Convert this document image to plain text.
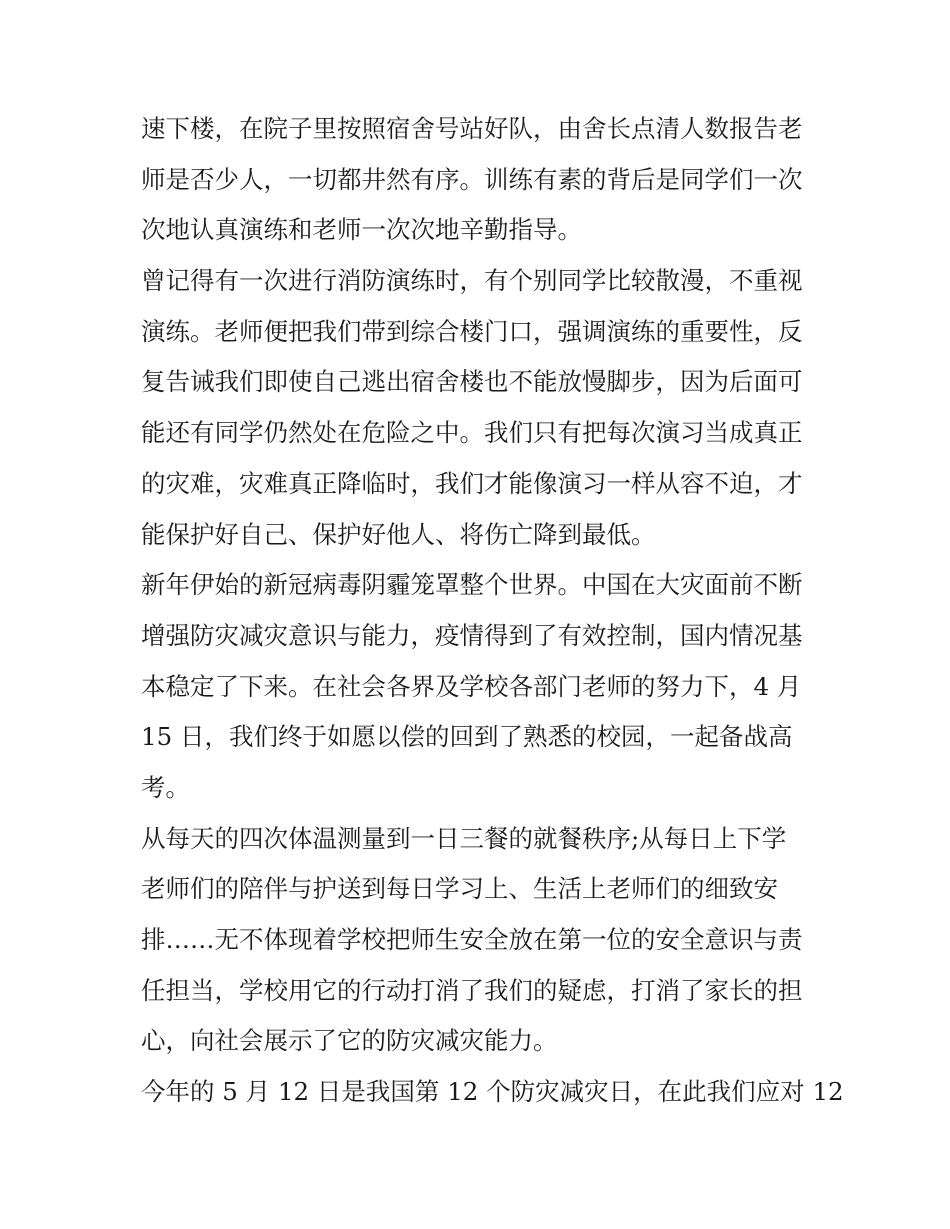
速下楼，在院子里按照宿舍号站好队，由舍长点清人数报告老
师是否少人，一切都井然有序。训练有素的背后是同学们一次
次地认真演练和老师一次次地辛勤指导。
曾记得有一次进行消防演练时，有个别同学比较散漫，不重视
演练。老师便把我们带到综合楼门口，强调演练的重要性，反
复告诫我们即使自己逃出宿舍楼也不能放慢脚步，因为后面可
能还有同学仍然处在危险之中。我们只有把每次演习当成真正
的灾难，灾难真正降临时，我们才能像演习一样从容不迫，才
能保护好自己、保护好他人、将伤亡降到最低。
新年伊始的新冠病毒阴霾笼罩整个世界。中国在大灾面前不断
增强防灾减灾意识与能力，疫情得到了有效控制，国内情况基
本稳定了下来。在社会各界及学校各部门老师的努力下，4 月
15 日，我们终于如愿以偿的回到了熟悉的校园，一起备战高
考。
从每天的四次体温测量到一日三餐的就餐秩序;从每日上下学
老师们的陪伴与护送到每日学习上、生活上老师们的细致安
排……无不体现着学校把师生安全放在第一位的安全意识与责
任担当，学校用它的行动打消了我们的疑虑，打消了家长的担
心，向社会展示了它的防灾减灾能力。
今年的 5 月 12 日是我国第 12 个防灾减灾日，在此我们应对 12
